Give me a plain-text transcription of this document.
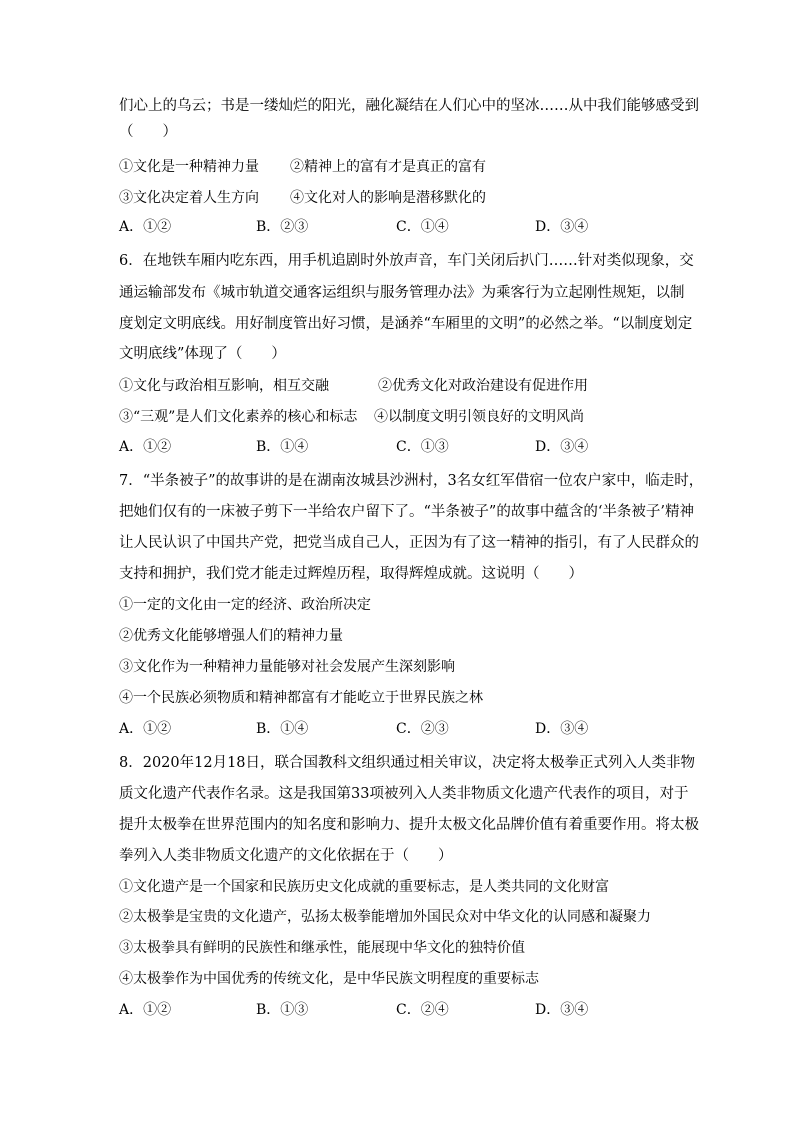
们心上的乌云；书是一缕灿烂的阳光，融化凝结在人们心中的坚冰……从中我们能够感受到
（　　）
①文化是一种精神力量 ②精神上的富有才是真正的富有
③文化决定着人生方向 ④文化对人的影响是潜移默化的
A．①②	B．②③	C．①④	D．③④
6．在地铁车厢内吃东西，用手机追剧时外放声音，车门关闭后扒门……针对类似现象，交
通运输部发布《城市轨道交通客运组织与服务管理办法》为乘客行为立起刚性规矩，以制
度划定文明底线。用好制度管出好习惯，是涵养“车厢里的文明”的必然之举。“以制度划定
文明底线”体现了（　　）
①文化与政治相互影响，相互交融	②优秀文化对政治建设有促进作用
③“三观”是人们文化素养的核心和标志 ④以制度文明引领良好的文明风尚
A．①②	B．①④	C．①③	D．③④
7．“半条被子”的故事讲的是在湖南汝城县沙洲村，3名女红军借宿一位农户家中，临走时，
把她们仅有的一床被子剪下一半给农户留下了。“半条被子”的故事中蕴含的‘半条被子’精神
让人民认识了中国共产党，把党当成自己人，正因为有了这一精神的指引，有了人民群众的
支持和拥护，我们党才能走过辉煌历程，取得辉煌成就。这说明（　　）
①一定的文化由一定的经济、政治所决定
②优秀文化能够增强人们的精神力量
③文化作为一种精神力量能够对社会发展产生深刻影响
④一个民族必须物质和精神都富有才能屹立于世界民族之林
A．①②	B．①④	C．②③	D．③④
8．2020年12月18日，联合国教科文组织通过相关审议，决定将太极拳正式列入人类非物
质文化遗产代表作名录。这是我国第33项被列入人类非物质文化遗产代表作的项目，对于
提升太极拳在世界范围内的知名度和影响力、提升太极文化品牌价值有着重要作用。将太极
拳列入人类非物质文化遗产的文化依据在于（　　）
①文化遗产是一个国家和民族历史文化成就的重要标志，是人类共同的文化财富
②太极拳是宝贵的文化遗产，弘扬太极拳能增加外国民众对中华文化的认同感和凝聚力
③太极拳具有鲜明的民族性和继承性，能展现中华文化的独特价值
④太极拳作为中国优秀的传统文化，是中华民族文明程度的重要标志
A．①②	B．①③	C．②④	D．③④
